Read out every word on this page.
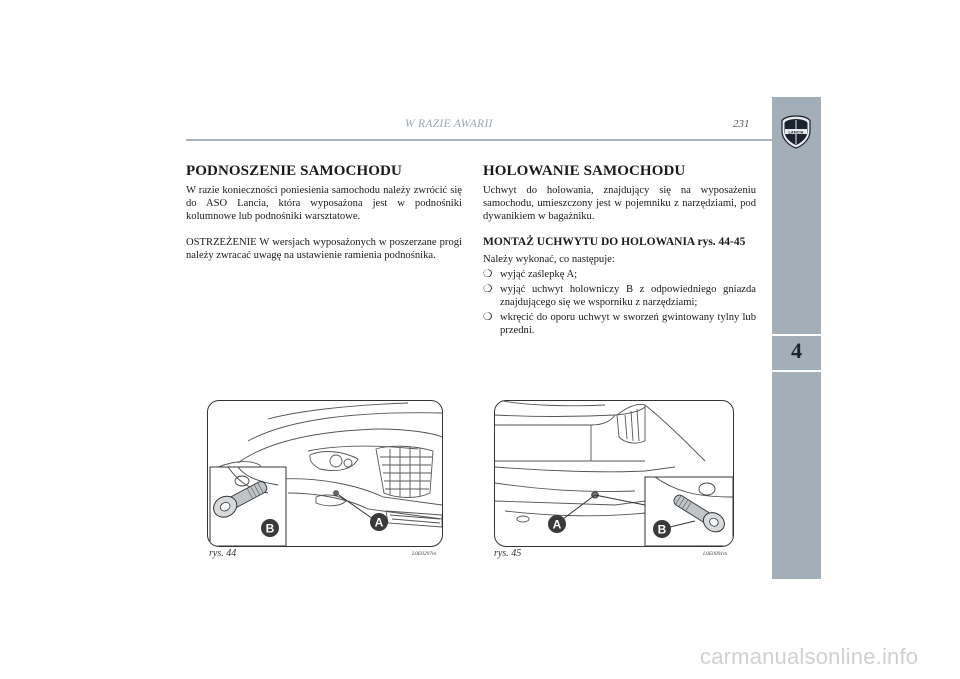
W RAZIE AWARII	231
4
LANCIA
PODNOSZENIE SAMOCHODU

W razie konieczności poniesienia samochodu należy zwrócić się do ASO Lancia, która wyposażona jest w podnośniki kolumnowe lub podnośniki warsztatowe.

OSTRZEŻENIE W wersjach wyposażonych w poszerzane progi należy zwracać uwagę na ustawienie ramienia podnośnika.

HOLOWANIE SAMOCHODU

Uchwyt do holowania, znajdujący się na wyposażeniu samochodu, umieszczony jest w pojemniku z narzędziami, pod dywanikiem w bagażniku.

MONTAŻ UCHWYTU DO HOLOWANIA rys. 44-45

Należy wykonać, co następuje:

❍ wyjąć zaślepkę A;

❍ wyjąć uchwyt holowniczy B z odpowiedniego gniazda znajdującego się we wsporniku z narzędziami;

❍ wkręcić do oporu uchwyt w sworzeń gwintowany tylny lub przedni.

A
B
rys. 44	L0E0297m
A	B
rys. 45	L0E0091m
carmanualsonline.info
